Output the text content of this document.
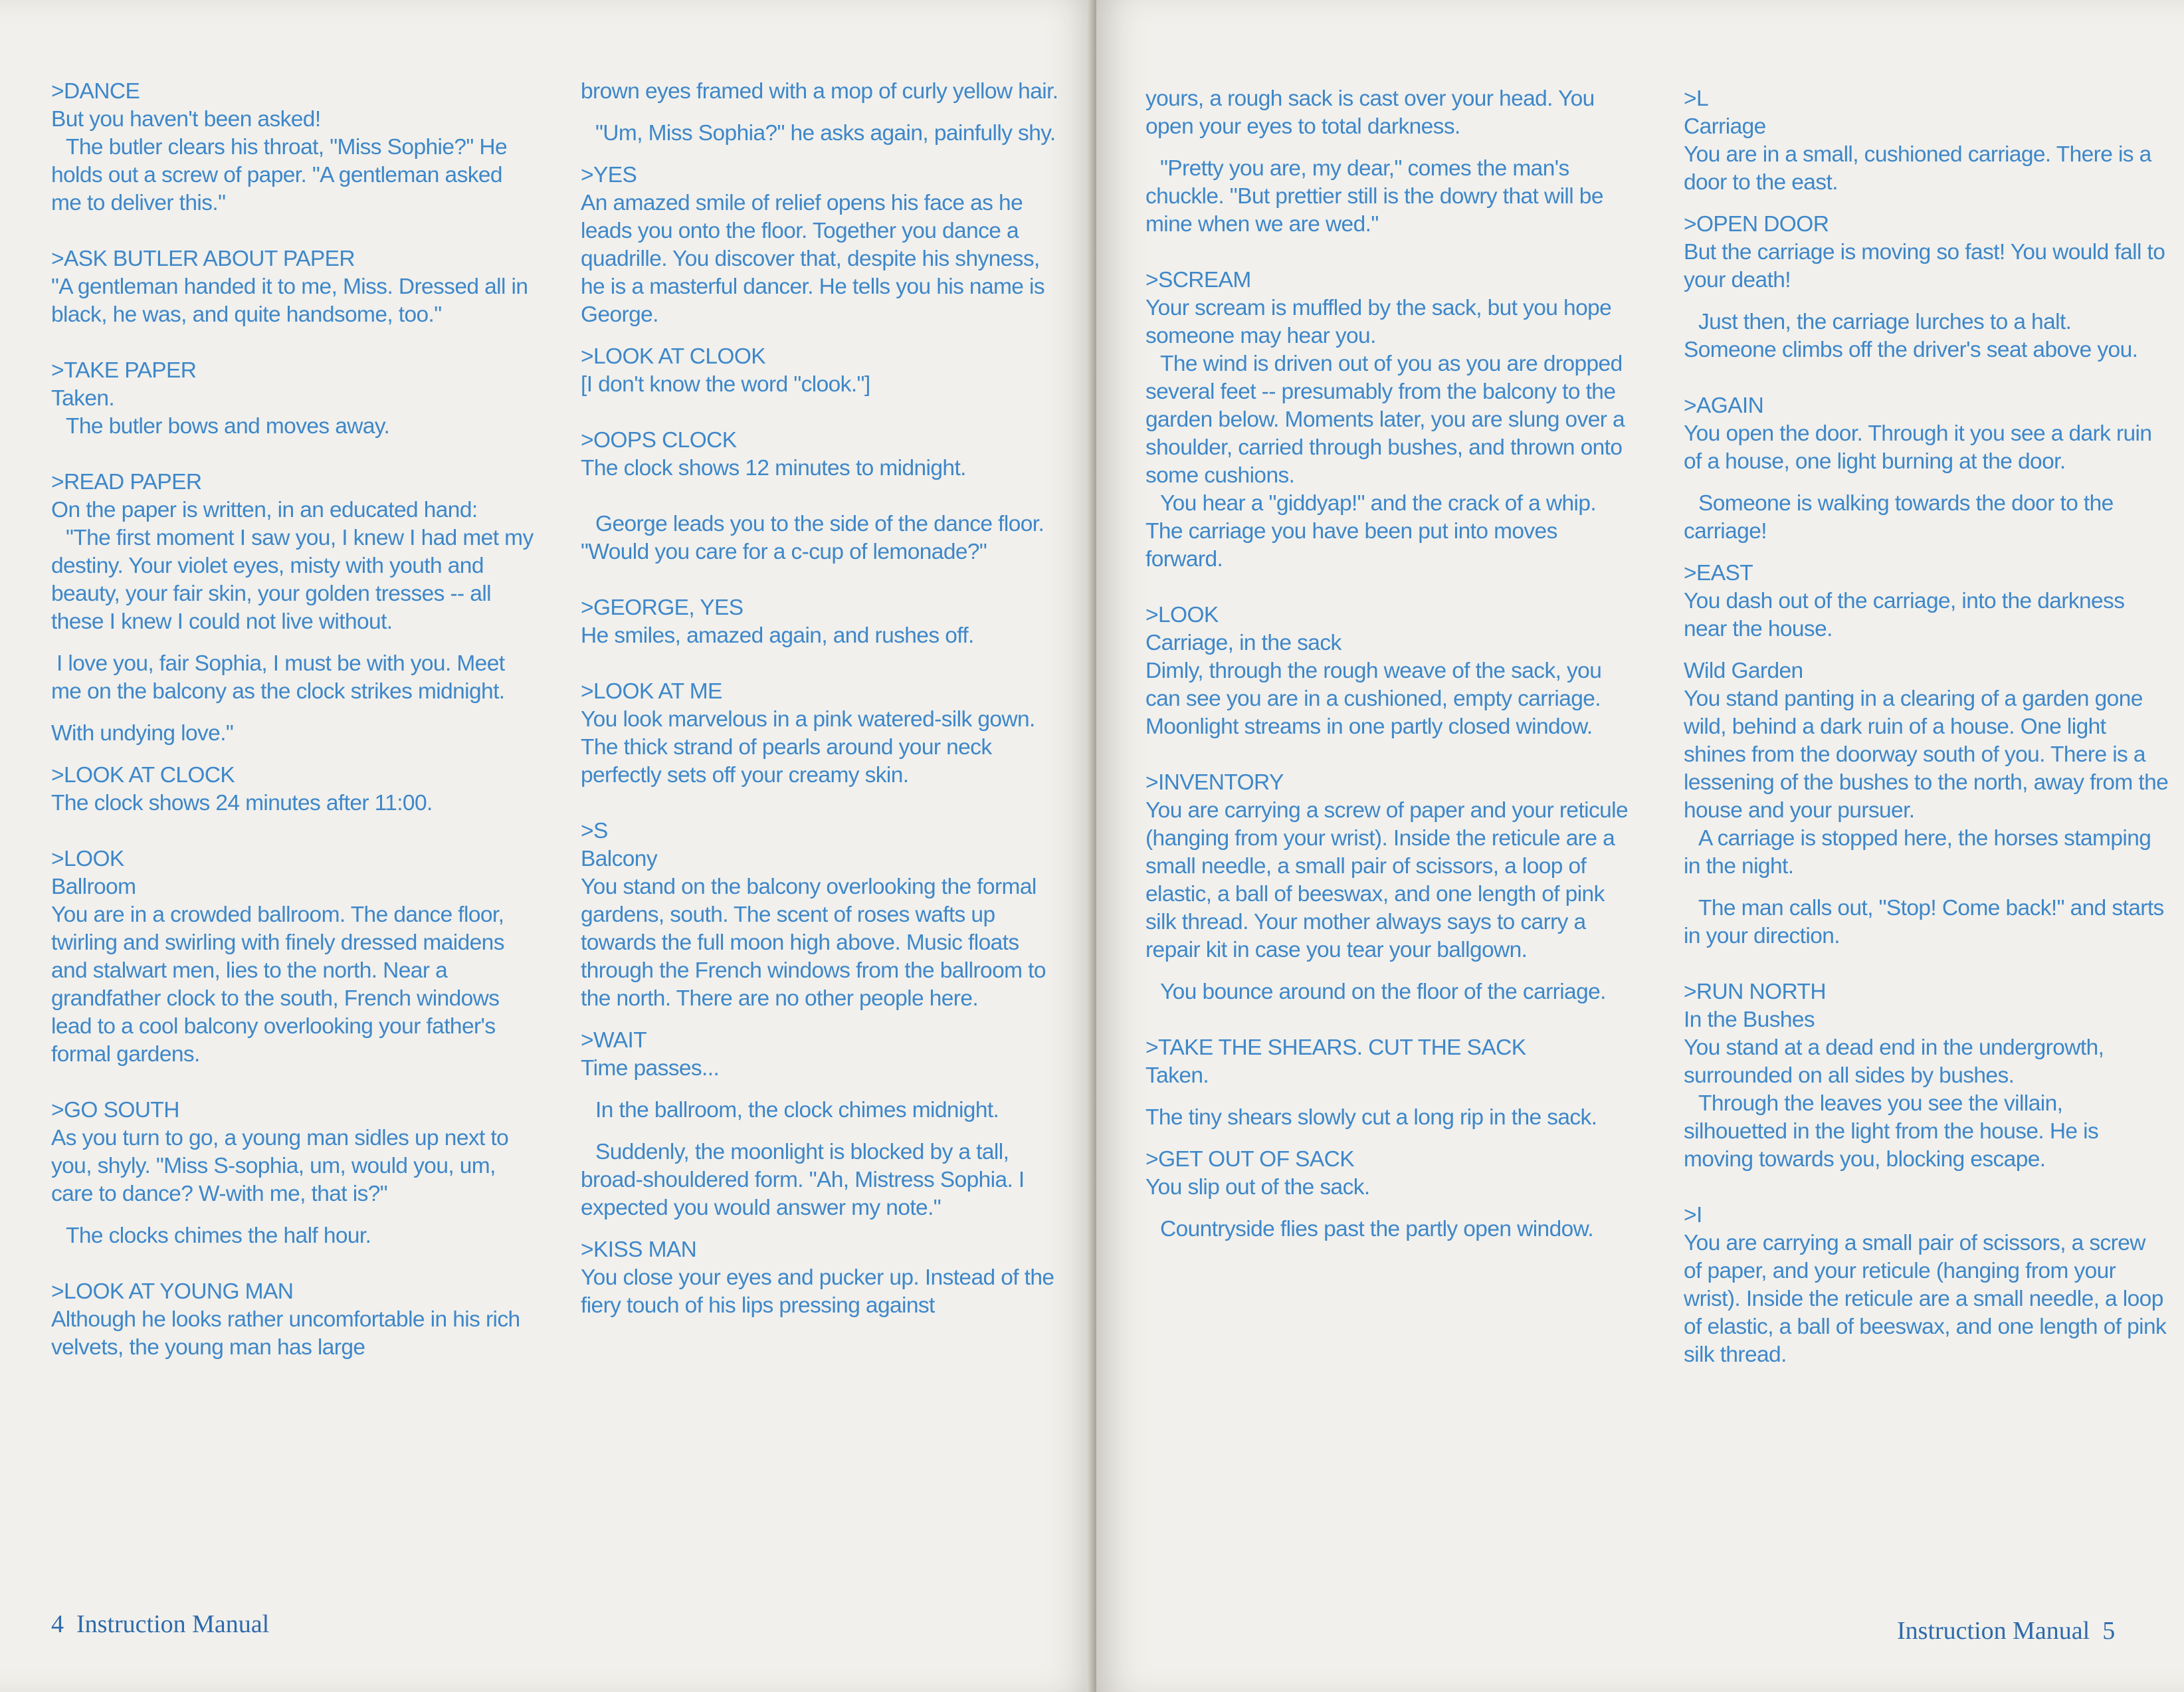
>DANCE
But you haven't been asked!

The butler clears his throat, "Miss Sophie?" He holds out a screw of paper. "A gentleman asked me to deliver this."

>ASK BUTLER ABOUT PAPER

"A gentleman handed it to me, Miss. Dressed all in black, he was, and quite handsome, too."

>TAKE PAPER
Taken.

The butler bows and moves away.

>READ PAPER
On the paper is written, in an educated hand:

"The first moment I saw you, I knew I had met my destiny. Your violet eyes, misty with youth and beauty, your fair skin, your golden tresses -- all these I knew I could not live without.

I love you, fair Sophia, I must be with you. Meet me on the balcony as the clock strikes midnight.

With undying love."

>LOOK AT CLOCK

The clock shows 24 minutes after 11:00.

>LOOK
Ballroom

You are in a crowded ballroom. The dance floor, twirling and swirling with finely dressed maidens and stalwart men, lies to the north. Near a grandfather clock to the south, French windows lead to a cool balcony overlooking your father's formal gardens.

>GO SOUTH

As you turn to go, a young man sidles up next to you, shyly. "Miss S-sophia, um, would you, um, care to dance? W-with me, that is?"

The clocks chimes the half hour.

>LOOK AT YOUNG MAN
Although he looks rather uncomfortable in his rich velvets, the young man has large

brown eyes framed with a mop of curly yellow hair.

"Um, Miss Sophia?" he asks again, painfully shy.

>YES

An amazed smile of relief opens his face as he leads you onto the floor. Together you dance a quadrille. You discover that, despite his shyness, he is a masterful dancer. He tells you his name is George.

>LOOK AT CLOOK

[I don't know the word "clook."]

>OOPS CLOCK

The clock shows 12 minutes to midnight.

George leads you to the side of the dance floor. "Would you care for a c-cup of lemonade?"

>GEORGE, YES

He smiles, amazed again, and rushes off.

>LOOK AT ME

You look marvelous in a pink watered-silk gown. The thick strand of pearls around your neck perfectly sets off your creamy skin.

>S
Balcony

You stand on the balcony overlooking the formal gardens, south. The scent of roses wafts up towards the full moon high above. Music floats through the French windows from the ballroom to the north. There are no other people here.

>WAIT

Time passes...

In the ballroom, the clock chimes midnight.

Suddenly, the moonlight is blocked by a tall, broad-shouldered form. "Ah, Mistress Sophia. I expected you would answer my note."

>KISS MAN
You close your eyes and pucker up. Instead of the fiery touch of his lips pressing against
4 Instruction Manual

yours, a rough sack is cast over your head. You open your eyes to total darkness.

"Pretty you are, my dear," comes the man's chuckle. "But prettier still is the dowry that will be mine when we are wed."

>SCREAM
Your scream is muffled by the sack, but you hope someone may hear you.
The wind is driven out of you as you are dropped several feet -- presumably from the balcony to the garden below. Moments later, you are slung over a shoulder, carried through bushes, and thrown onto some cushions.

You hear a "giddyap!" and the crack of a whip. The carriage you have been put into moves forward.

>LOOK
Carriage, in the sack

Dimly, through the rough weave of the sack, you can see you are in a cushioned, empty carriage. Moonlight streams in one partly closed window.

>INVENTORY

You are carrying a screw of paper and your reticule (hanging from your wrist). Inside the reticule are a small needle, a small pair of scissors, a loop of elastic, a ball of beeswax, and one length of pink silk thread. Your mother always says to carry a repair kit in case you tear your ballgown.

You bounce around on the floor of the carriage.

>TAKE THE SHEARS. CUT THE SACK

Taken.

The tiny shears slowly cut a long rip in the sack.

>GET OUT OF SACK

You slip out of the sack.

Countryside flies past the partly open window.

>L
Carriage

You are in a small, cushioned carriage. There is a door to the east.

>OPEN DOOR

But the carriage is moving so fast! You would fall to your death!

Just then, the carriage lurches to a halt. Someone climbs off the driver's seat above you.

>AGAIN

You open the door. Through it you see a dark ruin of a house, one light burning at the door.

Someone is walking towards the door to the carriage!

>EAST

You dash out of the carriage, into the darkness near the house.

Wild Garden
You stand panting in a clearing of a garden gone wild, behind a dark ruin of a house. One light shines from the doorway south of you. There is a lessening of the bushes to the north, away from the house and your pursuer.

A carriage is stopped here, the horses stamping in the night.

The man calls out, "Stop! Come back!" and starts in your direction.

>RUN NORTH
In the Bushes
You stand at a dead end in the undergrowth, surrounded on all sides by bushes.

Through the leaves you see the villain, silhouetted in the light from the house. He is moving towards you, blocking escape.

>I
You are carrying a small pair of scissors, a screw of paper, and your reticule (hanging from your wrist). Inside the reticule are a small needle, a loop of elastic, a ball of beeswax, and one length of pink silk thread.
Instruction Manual 5
